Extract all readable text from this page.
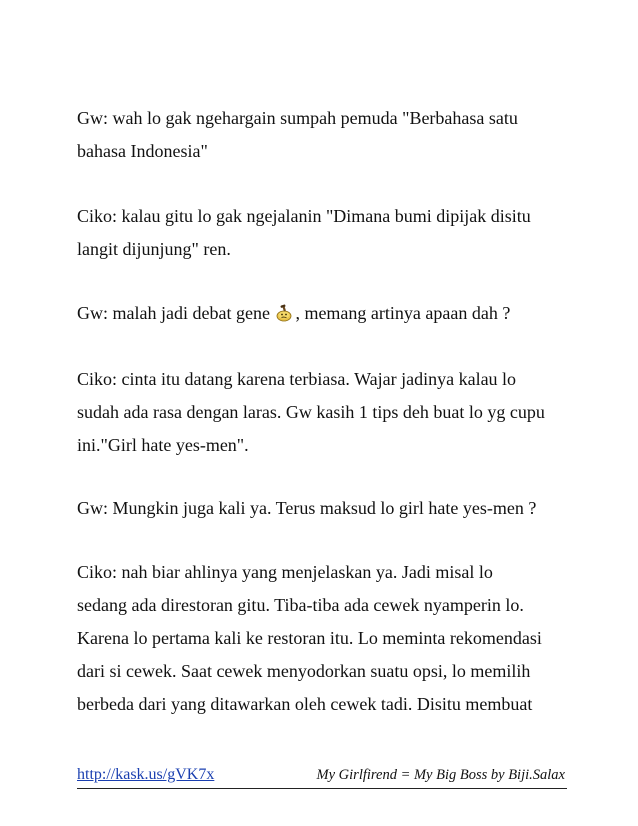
Gw: wah lo gak ngehargain sumpah pemuda "Berbahasa satu
bahasa Indonesia"

Ciko: kalau gitu lo gak ngejalanin "Dimana bumi dipijak disitu
langit dijunjung" ren.

Gw: malah jadi debat gene , memang artinya apaan dah ?

Ciko: cinta itu datang karena terbiasa. Wajar jadinya kalau lo
sudah ada rasa dengan laras. Gw kasih 1 tips deh buat lo yg cupu
ini."Girl hate yes-men".

Gw: Mungkin juga kali ya. Terus maksud lo girl hate yes-men ?

Ciko: nah biar ahlinya yang menjelaskan ya. Jadi misal lo
sedang ada direstoran gitu. Tiba-tiba ada cewek nyamperin lo.
Karena lo pertama kali ke restoran itu. Lo meminta rekomendasi
dari si cewek. Saat cewek menyodorkan suatu opsi, lo memilih
berbeda dari yang ditawarkan oleh cewek tadi. Disitu membuat

http://kask.us/gVK7x	My Girlfirend = My Big Boss by Biji.Salax
